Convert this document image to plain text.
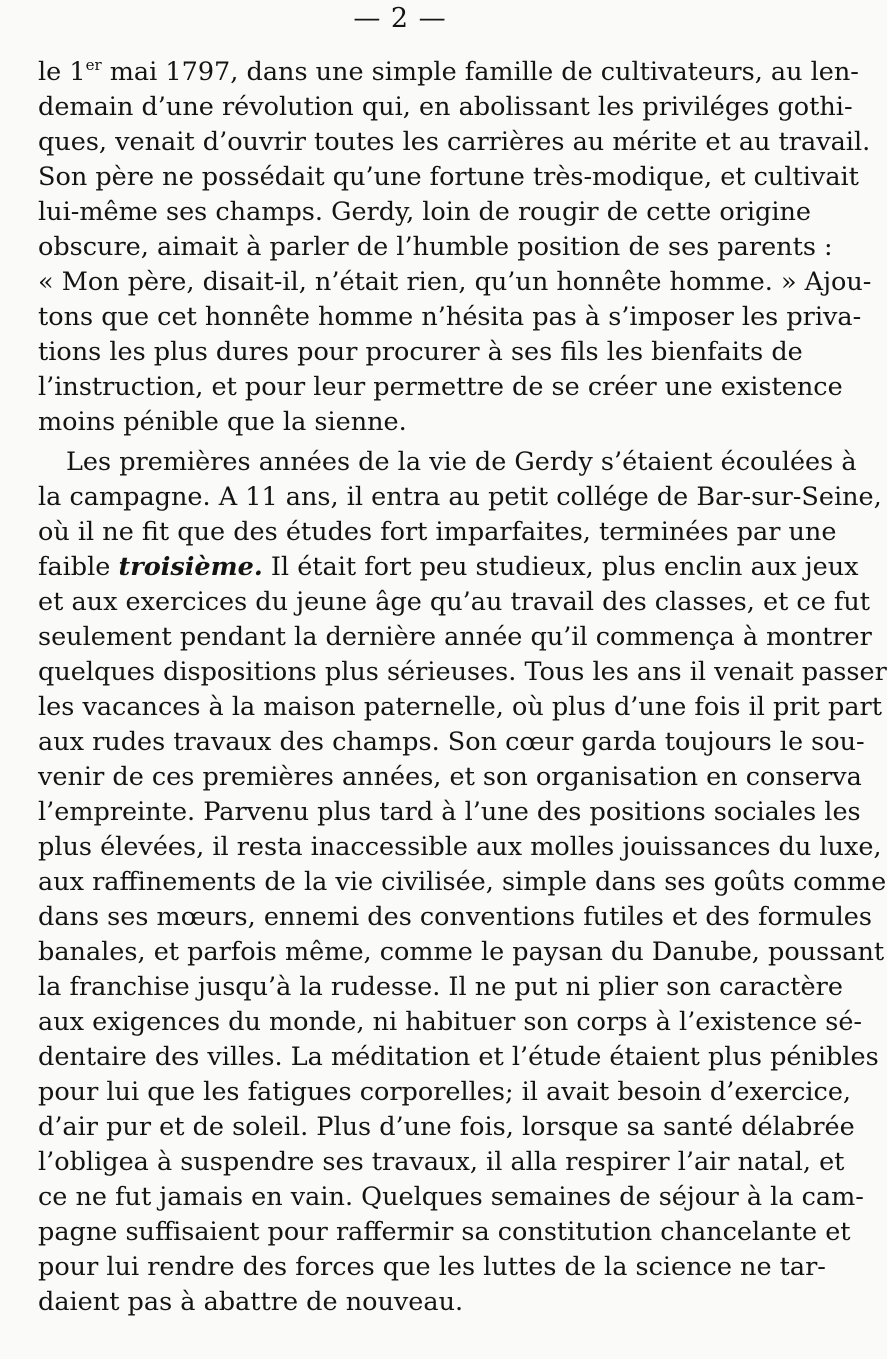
— 2 —
le 1er mai 1797, dans une simple famille de cultivateurs, au len-
demain d’une révolution qui, en abolissant les priviléges gothi-
ques, venait d’ouvrir toutes les carrières au mérite et au travail.
Son père ne possédait qu’une fortune très-modique, et cultivait
lui-même ses champs. Gerdy, loin de rougir de cette origine
obscure, aimait à parler de l’humble position de ses parents :
« Mon père, disait-il, n’était rien, qu’un honnête homme. » Ajou-
tons que cet honnête homme n’hésita pas à s’imposer les priva-
tions les plus dures pour procurer à ses fils les bienfaits de
l’instruction, et pour leur permettre de se créer une existence
moins pénible que la sienne.
Les premières années de la vie de Gerdy s’étaient écoulées à
la campagne. A 11 ans, il entra au petit collége de Bar-sur-Seine,
où il ne fit que des études fort imparfaites, terminées par une
faible troisième. Il était fort peu studieux, plus enclin aux jeux
et aux exercices du jeune âge qu’au travail des classes, et ce fut
seulement pendant la dernière année qu’il commença à montrer
quelques dispositions plus sérieuses. Tous les ans il venait passer
les vacances à la maison paternelle, où plus d’une fois il prit part
aux rudes travaux des champs. Son cœur garda toujours le sou-
venir de ces premières années, et son organisation en conserva
l’empreinte. Parvenu plus tard à l’une des positions sociales les
plus élevées, il resta inaccessible aux molles jouissances du luxe,
aux raffinements de la vie civilisée, simple dans ses goûts comme
dans ses mœurs, ennemi des conventions futiles et des formules
banales, et parfois même, comme le paysan du Danube, poussant
la franchise jusqu’à la rudesse. Il ne put ni plier son caractère
aux exigences du monde, ni habituer son corps à l’existence sé-
dentaire des villes. La méditation et l’étude étaient plus pénibles
pour lui que les fatigues corporelles; il avait besoin d’exercice,
d’air pur et de soleil. Plus d’une fois, lorsque sa santé délabrée
l’obligea à suspendre ses travaux, il alla respirer l’air natal, et
ce ne fut jamais en vain. Quelques semaines de séjour à la cam-
pagne suffisaient pour raffermir sa constitution chancelante et
pour lui rendre des forces que les luttes de la science ne tar-
daient pas à abattre de nouveau.
